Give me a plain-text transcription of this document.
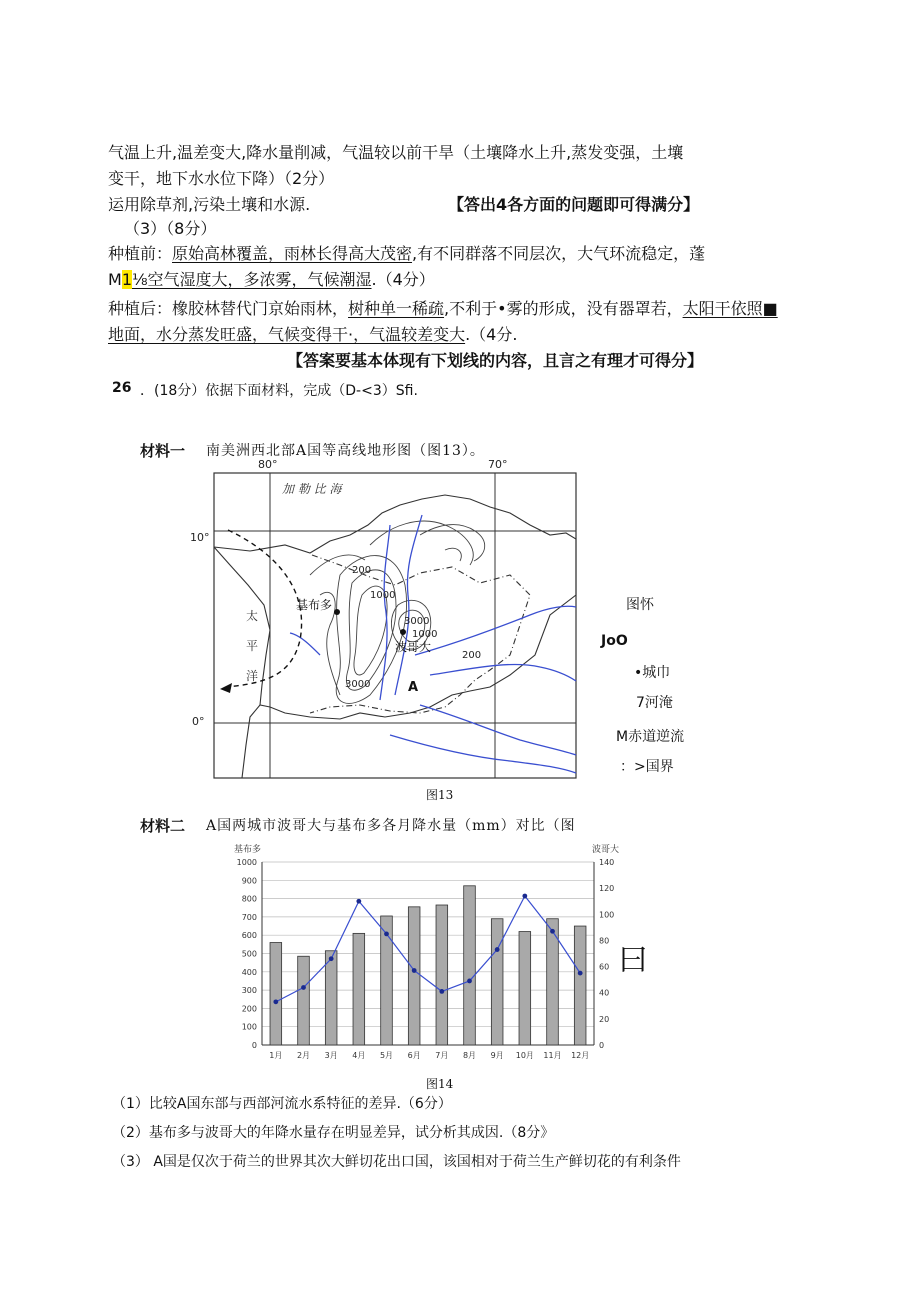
气温上升,温差变大,降水量削减，气温较以前干旱（土壤降水上升,蒸发变强，土壤
变干，地下水水位下降）（2分）
运用除草剂,污染土壤和水源.	【答出4各方面的问题即可得满分】
（3）（8分）
种植前：原始高林覆盖，雨林长得高大茂密,有不同群落不同层次，大气环流稳定，蓬
M1⅛空气湿度大，多浓雾，气候潮湿.（4分）
种植后：橡胶林替代门京始雨林，树种单一稀疏,不利于•雾的形成，没有器罩若，太阳干依照■
地面，水分蒸发旺盛，气候变得干·，气温较差变大.（4分.
【答案要基本体现有下划线的内容，且言之有理才可得分】
26 ．(18分）依据下面材料，完成（D-<3）Sfi.
材料一 南美洲西北部A国等高线地形图（图13）。
80°	70°
10°
0°
加 勒 比 海
太
平
洋
基布多
波哥大
A
200
1000
3000
1000
200
3000
图13
图怀
JoO
•城巾
7河淹
M赤道逆流
：>国界
材料二 A国两城市波哥大与基布多各月降水量（mm）对比（图
0
100
200
300
400
500
600
700
800
900
1000
0
20
40
60
80
100
120
140
基布多	波哥大
1月 2月 3月 4月 5月 6月 7月 8月 9月 10月 11月 12月
图14
曰
（1）比较A国东部与西部河流水系特征的差异.（6分）
（2）基布多与波哥大的年降水量存在明显差异，试分析其成因.（8分》
（3） A国是仅次于荷兰的世界其次大鲜切花出口国，该国相对于荷兰生产鲜切花的有利条件
